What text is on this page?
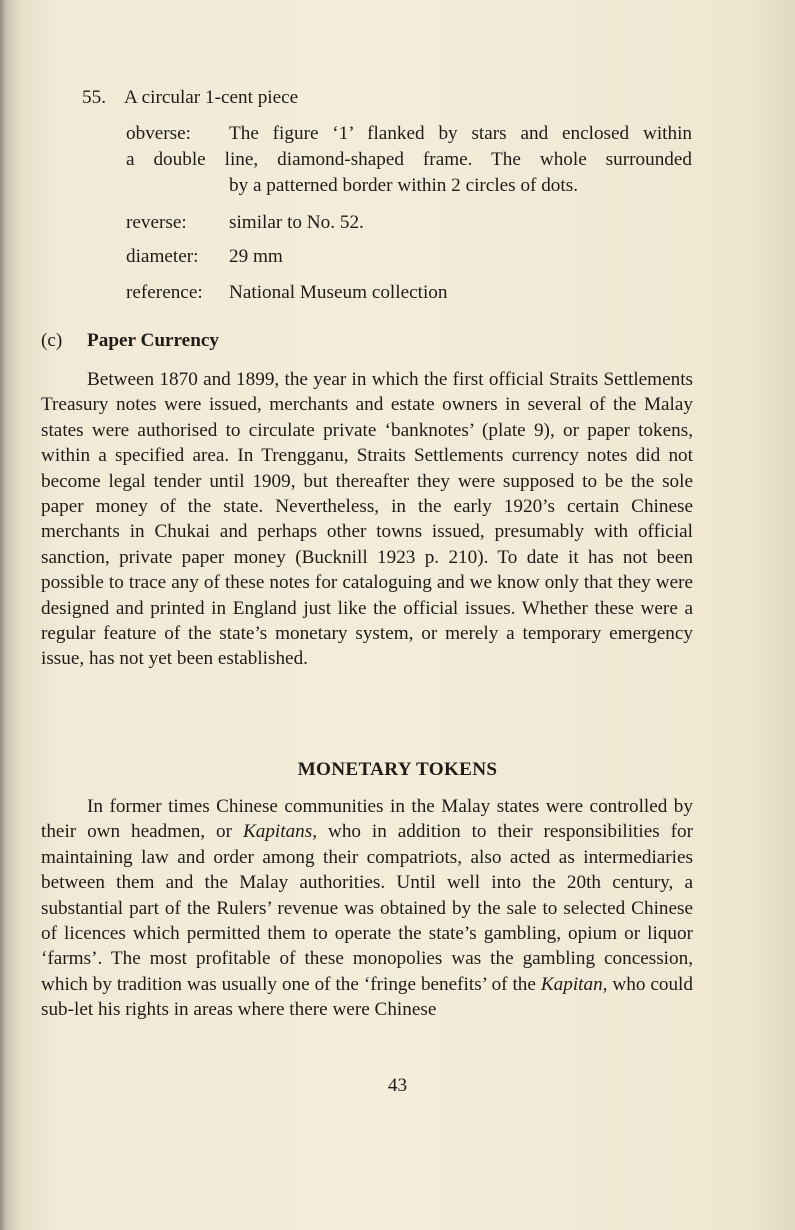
55. A circular 1-cent piece
obverse: The figure ‘1’ flanked by stars and enclosed within
a double line, diamond-shaped frame. The whole surrounded
by a patterned border within 2 circles of dots.
reverse: similar to No. 52.
diameter: 29 mm
reference: National Museum collection
(c) Paper Currency
Between 1870 and 1899, the year in which the first official Straits Settlements Treasury notes were issued, merchants and estate owners in several of the Malay states were authorised to circulate private ‘banknotes’ (plate 9), or paper tokens, within a specified area. In Trengganu, Straits Settlements currency notes did not become legal tender until 1909, but thereafter they were supposed to be the sole paper money of the state. Nevertheless, in the early 1920’s certain Chinese merchants in Chukai and perhaps other towns issued, presumably with official sanction, private paper money (Bucknill 1923 p. 210). To date it has not been possible to trace any of these notes for cataloguing and we know only that they were designed and printed in England just like the official issues. Whether these were a regular feature of the state’s monetary system, or merely a temporary emergency issue, has not yet been established.
MONETARY TOKENS
In former times Chinese communities in the Malay states were controlled by their own headmen, or Kapitans, who in addition to their responsibilities for maintaining law and order among their compatriots, also acted as intermediaries between them and the Malay authorities. Until well into the 20th century, a substantial part of the Rulers’ revenue was obtained by the sale to selected Chinese of licences which permitted them to operate the state’s gambling, opium or liquor ‘farms’. The most profitable of these monopolies was the gambling concession, which by tradition was usually one of the ‘fringe benefits’ of the Kapitan, who could sub-let his rights in areas where there were Chinese
43
